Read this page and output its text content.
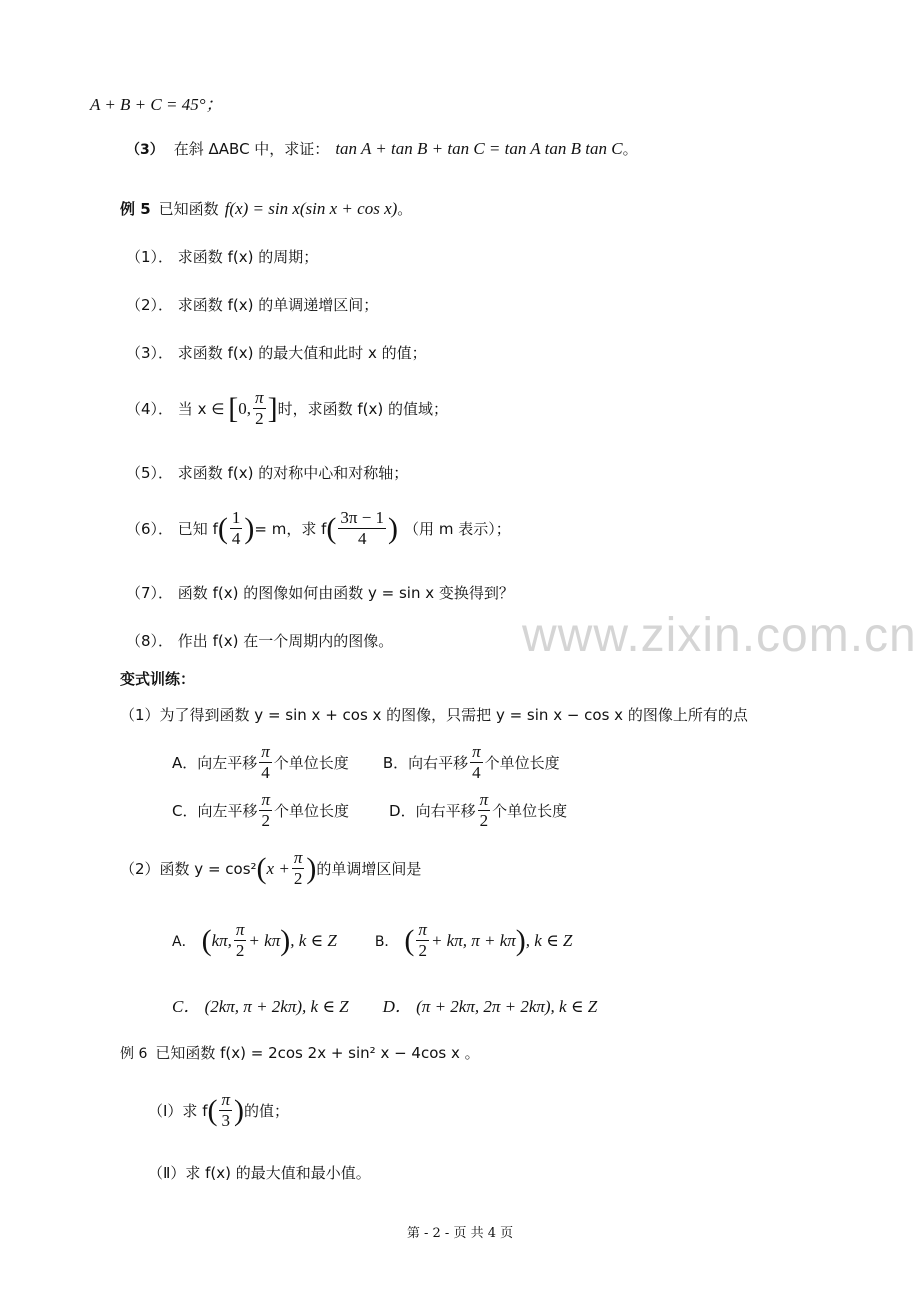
A + B + C = 45°；
（3） 在斜 ΔABC 中，求证： tan A + tan B + tan C = tan A tan B tan C 。
例 5 已知函数 f(x) = sin x(sin x + cos x) 。
（1）． 求函数 f(x) 的周期；
（2）． 求函数 f(x) 的单调递增区间；
（3）． 求函数 f(x) 的最大值和此时 x 的值；
（4）． 当 x ∈ [ 0, $\frac{\pi}{2}$ ] 时，求函数 f(x) 的值域；
（5）． 求函数 f(x) 的对称中心和对称轴；
（6）． 已知 f ( $\frac{1}{4}$ ) = m，求 f ( $\frac{3\pi - 1}{4}$ ) （用 m 表示）；
（7）． 函数 f(x) 的图像如何由函数 y = sin x 变换得到？
（8）． 作出 f(x) 在一个周期内的图像。	www.zixin.com.cn
变式训练：
（1）为了得到函数 y = sin x + cos x 的图像，只需把 y = sin x − cos x 的图像上所有的点
A．向左平移 $\frac{\pi}{4}$ 个单位长度 B．向右平移 $\frac{\pi}{4}$ 个单位长度
C．向左平移 $\frac{\pi}{2}$ 个单位长度	D．向右平移 $\frac{\pi}{2}$ 个单位长度
（2）函数 y = cos² ( $x + \frac{\pi}{2}$ ) 的单调增区间是
A． ( kπ, $\frac{\pi}{2} + k\pi$ ) , k ∈ Z	B． ( $\frac{\pi}{2} + k\pi$, π + kπ ) , k ∈ Z
C． (2kπ, π + 2kπ), k ∈ Z D． (π + 2kπ, 2π + 2kπ), k ∈ Z
例 6 已知函数 f(x) = 2cos 2x + sin² x − 4cos x 。
（Ⅰ）求 f ( $\frac{\pi}{3}$ ) 的值；
（Ⅱ）求 f(x) 的最大值和最小值。
第 - 2 - 页 共 4 页
